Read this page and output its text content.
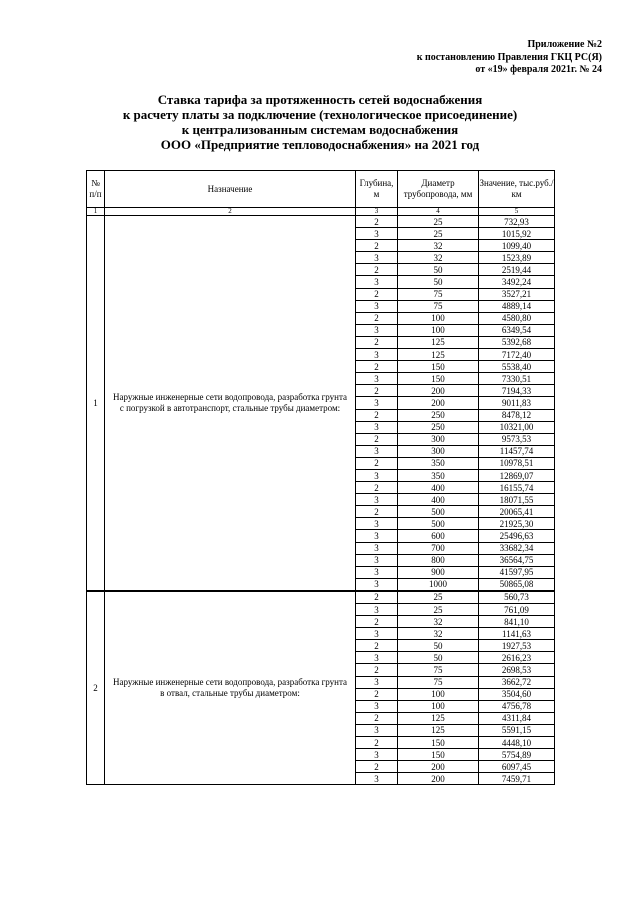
Приложение №2
к постановлению Правления ГКЦ РС(Я)
от «19» февраля 2021г. № 24
Ставка тарифа за протяженность сетей водоснабжения
к расчету платы за подключение (технологическое присоединение)
к централизованным системам водоснабжения
ООО «Предприятие тепловодоснабжения» на 2021 год
№ п/п	Назначение	Глубина, м	Диаметр трубопровода, мм	Значение, тыс.руб./км
1	2	3	4	5
1	Наружные инженерные сети водопровода, разработка грунта с погрузкой в автотранспорт, стальные трубы диаметром:	2	25	732,93
		3	25	1015,92
		2	32	1099,40
		3	32	1523,89
		2	50	2519,44
		3	50	3492,24
		2	75	3527,21
		3	75	4889,14
		2	100	4580,80
		3	100	6349,54
		2	125	5392,68
		3	125	7172,40
		2	150	5538,40
		3	150	7330,51
		2	200	7194,33
		3	200	9011,83
		2	250	8478,12
		3	250	10321,00
		2	300	9573,53
		3	300	11457,74
		2	350	10978,51
		3	350	12869,07
		2	400	16155,74
		3	400	18071,55
		2	500	20065,41
		3	500	21925,30
		3	600	25496,63
		3	700	33682,34
		3	800	36564,75
		3	900	41597,95
		3	1000	50865,08
2	Наружные инженерные сети водопровода, разработка грунта в отвал, стальные трубы диаметром:	2	25	560,73
		3	25	761,09
		2	32	841,10
		3	32	1141,63
		2	50	1927,53
		3	50	2616,23
		2	75	2698,53
		3	75	3662,72
		2	100	3504,60
		3	100	4756,78
		2	125	4311,84
		3	125	5591,15
		2	150	4448,10
		3	150	5754,89
		2	200	6097,45
		3	200	7459,71
